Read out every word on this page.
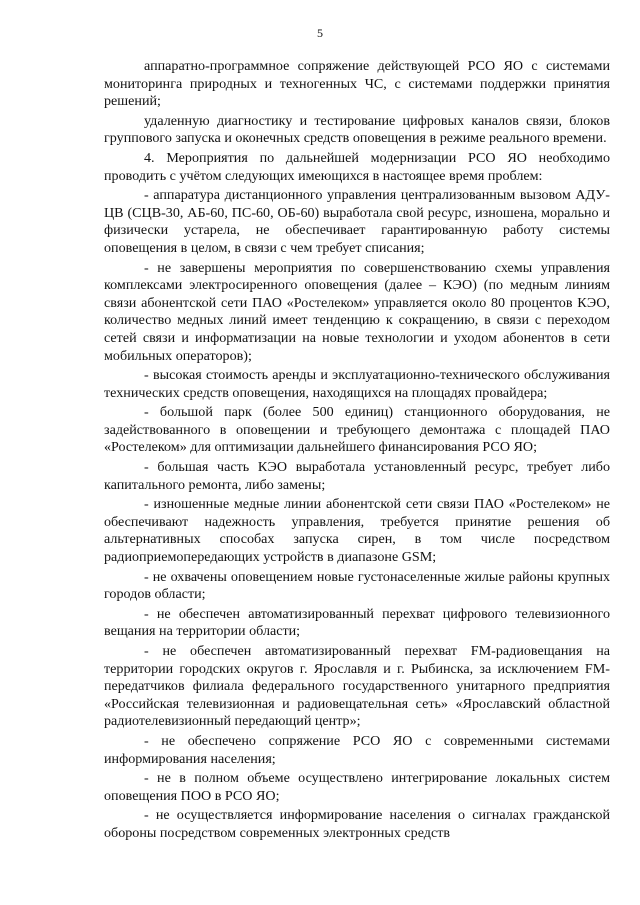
5

аппаратно-программное сопряжение действующей РСО ЯО с системами мониторинга природных и техногенных ЧС, с системами поддержки принятия решений;

удаленную диагностику и тестирование цифровых каналов связи, блоков группового запуска и оконечных средств оповещения в режиме реального времени.

4. Мероприятия по дальнейшей модернизации РСО ЯО необходимо проводить с учётом следующих имеющихся в настоящее время проблем:

- аппаратура дистанционного управления централизованным вызовом АДУ-ЦВ (СЦВ-30, АБ-60, ПС-60, ОБ-60) выработала свой ресурс, изношена, морально и физически устарела, не обеспечивает гарантированную работу системы оповещения в целом, в связи с чем требует списания;

- не завершены мероприятия по совершенствованию схемы управления комплексами электросиренного оповещения (далее – КЭО) (по медным линиям связи абонентской сети ПАО «Ростелеком» управляется около 80 процентов КЭО, количество медных линий имеет тенденцию к сокращению, в связи с переходом сетей связи и информатизации на новые технологии и уходом абонентов в сети мобильных операторов);

- высокая стоимость аренды и эксплуатационно-технического обслуживания технических средств оповещения, находящихся на площадях провайдера;

- большой парк (более 500 единиц) станционного оборудования, не задействованного в оповещении и требующего демонтажа с площадей ПАО «Ростелеком» для оптимизации дальнейшего финансирования РСО ЯО;

- большая часть КЭО выработала установленный ресурс, требует либо капитального ремонта, либо замены;

- изношенные медные линии абонентской сети связи ПАО «Ростелеком» не обеспечивают надежность управления, требуется принятие решения об альтернативных способах запуска сирен, в том числе посредством радиоприемопередающих устройств в диапазоне GSM;

- не охвачены оповещением новые густонаселенные жилые районы крупных городов области;

- не обеспечен автоматизированный перехват цифрового телевизионного вещания на территории области;

- не обеспечен автоматизированный перехват FM-радиовещания на территории городских округов г. Ярославля и г. Рыбинска, за исключением FM-передатчиков филиала федерального государственного унитарного предприятия «Российская телевизионная и радиовещательная сеть» «Ярославский областной радиотелевизионный передающий центр»;

- не обеспечено сопряжение РСО ЯО с современными системами информирования населения;

- не в полном объеме осуществлено интегрирование локальных систем оповещения ПОО в РСО ЯО;

- не осуществляется информирование населения о сигналах гражданской обороны посредством современных электронных средств
